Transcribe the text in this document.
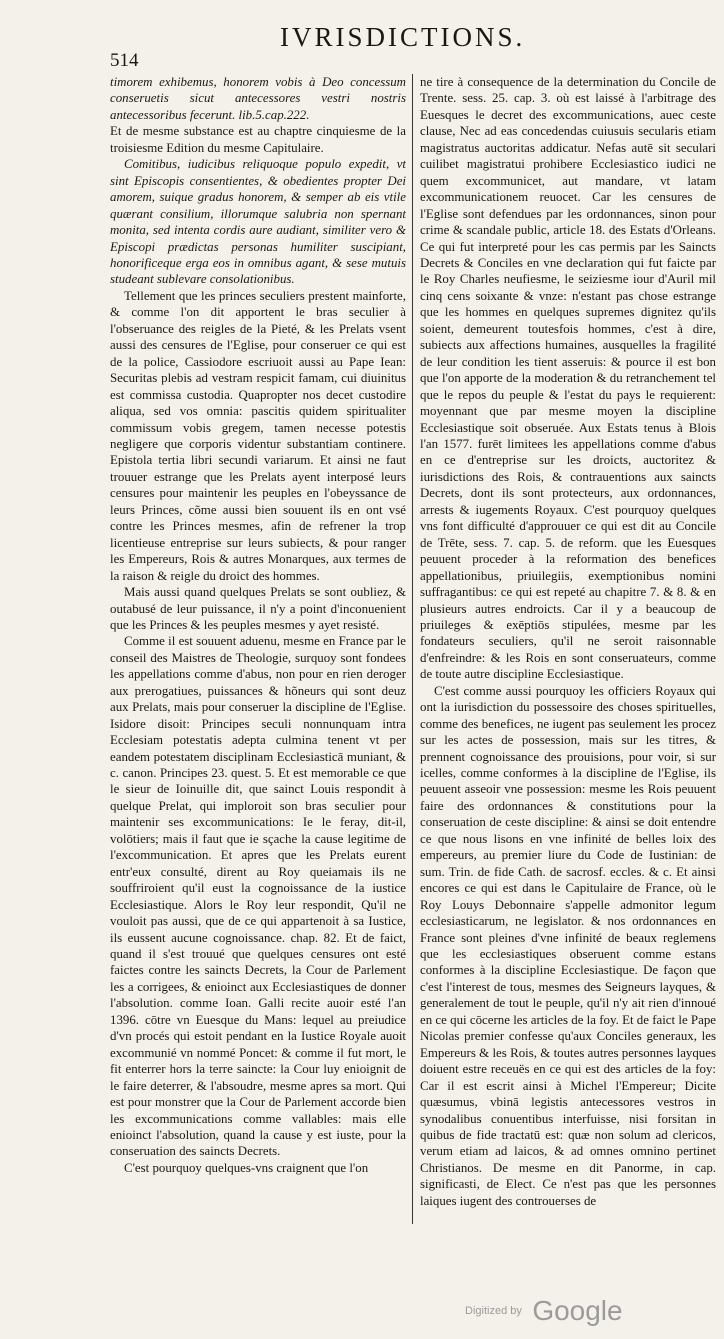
514
IVRISDICTIONS.

timorem exhibemus, honorem vobis à Deo concessum conseruetis sicut antecessores vestri nostris antecessoribus fecerunt. lib.5.cap.222.

Et de mesme substance est au chaptre cinquiesme de la troisiesme Edition du mesme Capitulaire.

Comitibus, iudicibus reliquoque populo expedit, vt sint Episcopis consentientes, & obedientes propter Dei amorem, suique gradus honorem, & semper ab eis vtile quærant consilium, illorumque salubria non spernant monita, sed intenta cordis aure audiant, similiter vero & Episcopi prædictas personas humiliter suscipiant, honorificeque erga eos in omnibus agant, & sese mutuis studeant sublevare consolationibus.

Tellement que les princes seculiers prestent mainforte, & comme l'on dit apportent le bras seculier à l'obseruance des reigles de la Pieté, & les Prelats vsent aussi des censures de l'Eglise, pour conseruer ce qui est de la police, Cassiodore escriuoit aussi au Pape Iean: Securitas plebis ad vestram respicit famam, cui diuinitus est commissa custodia. Quapropter nos decet custodire aliqua, sed vos omnia: pascitis quidem spiritualiter commissum vobis gregem, tamen necesse potestis negligere que corporis videntur substantiam continere. Epistola tertia libri secundi variarum. Et ainsi ne faut trouuer estrange que les Prelats ayent interposé leurs censures pour maintenir les peuples en l'obeyssance de leurs Princes, cõme aussi bien souuent ils en ont vsé contre les Princes mesmes, afin de refrener la trop licentieuse entreprise sur leurs subiects, & pour ranger les Empereurs, Rois & autres Monarques, aux termes de la raison & reigle du droict des hommes.

Mais aussi quand quelques Prelats se sont oubliez, & outabusé de leur puissance, il n'y a point d'inconuenient que les Princes & les peuples mesmes y ayet resisté.

Comme il est souuent aduenu, mesme en France par le conseil des Maistres de Theologie, surquoy sont fondees les appellations comme d'abus, non pour en rien deroger aux prerogatiues, puissances & hõneurs qui sont deuz aux Prelats, mais pour conseruer la discipline de l'Eglise. Isidore disoit: Principes seculi nonnunquam intra Ecclesiam potestatis adepta culmina tenent vt per eandem potestatem disciplinam Ecclesiasticā muniant, & c. canon. Principes 23. quest. 5. Et est memorable ce que le sieur de Ioinuille dit, que sainct Louis respondit à quelque Prelat, qui imploroit son bras seculier pour maintenir ses excommunications: Ie le feray, dit-il, volōtiers; mais il faut que ie sçache la cause legitime de l'excommunication. Et apres que les Prelats eurent entr'eux consulté, dirent au Roy queiamais ils ne souffriroient qu'il eust la cognoissance de la iustice Ecclesiastique. Alors le Roy leur respondit, Qu'il ne vouloit pas aussi, que de ce qui appartenoit à sa Iustice, ils eussent aucune cognoissance. chap. 82. Et de faict, quand il s'est trouué que quelques censures ont esté faictes contre les saincts Decrets, la Cour de Parlement les a corrigees, & enioinct aux Ecclesiastiques de donner l'absolution. comme Ioan. Galli recite auoir esté l'an 1396. cōtre vn Euesque du Mans: lequel au preiudice d'vn procés qui estoit pendant en la Iustice Royale auoit excommunié vn nommé Poncet: & comme il fut mort, le fit enterrer hors la terre saincte: la Cour luy enioignit de le faire deterrer, & l'absoudre, mesme apres sa mort. Qui est pour monstrer que la Cour de Parlement accorde bien les excommunications comme vallables: mais elle enioinct l'absolution, quand la cause y est iuste, pour la conseruation des saincts Decrets.

C'est pourquoy quelques-vns craignent que l'on

ne tire à consequence de la determination du Concile de Trente. sess. 25. cap. 3. où est laissé à l'arbitrage des Euesques le decret des excommunications, auec ceste clause, Nec ad eas concedendas cuiusuis secularis etiam magistratus auctoritas addicatur. Nefas autē sit seculari cuilibet magistratui prohibere Ecclesiastico iudici ne quem excommunicet, aut mandare, vt latam excommunicationem reuocet. Car les censures de l'Eglise sont defendues par les ordonnances, sinon pour crime & scandale public, article 18. des Estats d'Orleans. Ce qui fut interpreté pour les cas permis par les Saincts Decrets & Conciles en vne declaration qui fut faicte par le Roy Charles neufiesme, le seiziesme iour d'Auril mil cinq cens soixante & vnze: n'estant pas chose estrange que les hommes en quelques supremes dignitez qu'ils soient, demeurent toutesfois hommes, c'est à dire, subiects aux affections humaines, ausquelles la fragilité de leur condition les tient asseruis: & pource il est bon que l'on apporte de la moderation & du retranchement tel que le repos du peuple & l'estat du pays le requierent: moyennant que par mesme moyen la discipline Ecclesiastique soit obseruée. Aux Estats tenus à Blois l'an 1577. furēt limitees les appellations comme d'abus en ce d'entreprise sur les droicts, auctoritez & iurisdictions des Rois, & contrauentions aux saincts Decrets, dont ils sont protecteurs, aux ordonnances, arrests & iugements Royaux. C'est pourquoy quelques vns font difficulté d'approuuer ce qui est dit au Concile de Trēte, sess. 7. cap. 5. de reform. que les Euesques peuuent proceder à la reformation des benefices appellationibus, priuilegiis, exemptionibus nomini suffragantibus: ce qui est repeté au chapitre 7. & 8. & en plusieurs autres endroicts. Car il y a beaucoup de priuileges & exēptiōs stipulées, mesme par les fondateurs seculiers, qu'il ne seroit raisonnable d'enfreindre: & les Rois en sont conseruateurs, comme de toute autre discipline Ecclesiastique.

C'est comme aussi pourquoy les officiers Royaux qui ont la iurisdiction du possessoire des choses spirituelles, comme des benefices, ne iugent pas seulement les procez sur les actes de possession, mais sur les titres, & prennent cognoissance des prouisions, pour voir, si sur icelles, comme conformes à la discipline de l'Eglise, ils peuuent asseoir vne possession: mesme les Rois peuuent faire des ordonnances & constitutions pour la conseruation de ceste discipline: & ainsi se doit entendre ce que nous lisons en vne infinité de belles loix des empereurs, au premier liure du Code de Iustinian: de sum. Trin. de fide Cath. de sacrosf. eccles. & c. Et ainsi encores ce qui est dans le Capitulaire de France, où le Roy Louys Debonnaire s'appelle admonitor legum ecclesiasticarum, ne legislator. & nos ordonnances en France sont pleines d'vne infinité de beaux reglemens que les ecclesiastiques obseruent comme estans conformes à la discipline Ecclesiastique. De façon que c'est l'interest de tous, mesmes des Seigneurs layques, & generalement de tout le peuple, qu'il n'y ait rien d'innoué en ce qui cōcerne les articles de la foy. Et de faict le Pape Nicolas premier confesse qu'aux Conciles generaux, les Empereurs & les Rois, & toutes autres personnes layques doiuent estre receuës en ce qui est des articles de la foy: Car il est escrit ainsi à Michel l'Empereur; Dicite quæsumus, vbinā legistis antecessores vestros in synodalibus conuentibus interfuisse, nisi forsitan in quibus de fide tractatū est: quæ non solum ad clericos, verum etiam ad laicos, & ad omnes omnino pertinet Christianos. De mesme en dit Panorme, in cap. significasti, de Elect. Ce n'est pas que les personnes laiques iugent des controuerses de

Digitized by Google
